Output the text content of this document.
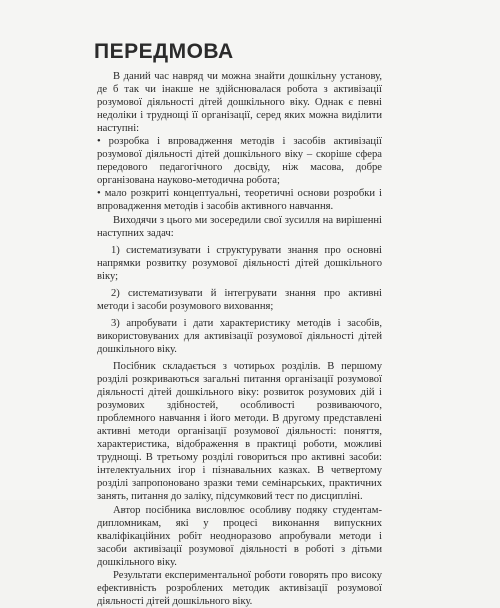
ПЕРЕДМОВА

В даний час навряд чи можна знайти дошкільну установу, де б так чи інакше не здійснювалася робота з активізації розумової діяльності дітей дошкільного віку. Однак є певні недоліки і труднощі її організації, серед яких можна виділити наступні:

• розробка і впровадження методів і засобів активізації розумової діяльності дітей дошкільного віку – скоріше сфера передового педагогічного досвіду, ніж масова, добре організована науково-методична робота;

• мало розкриті концептуальні, теоретичні основи розробки і впровадження методів і засобів активного навчання.

Виходячи з цього ми зосередили свої зусилля на вирішенні наступних задач:

1) систематизувати і структурувати знання про основні напрямки розвитку розумової діяльності дітей дошкільного віку;

2) систематизувати й інтегрувати знання про активні методи і засоби розумового виховання;

3) апробувати і дати характеристику методів і засобів, використовуваних для активізації розумової діяльності дітей дошкільного віку.

Посібник складається з чотирьох розділів. В першому розділі розкриваються загальні питання організації розумової діяльності дітей дошкільного віку: розвиток розумових дій і розумових здібностей, особливості розвиваючого, проблемного навчання і його методи. В другому представлені активні методи організації розумової діяльності: поняття, характеристика, відображення в практиці роботи, можливі труднощі. В третьому розділі говориться про активні засоби: інтелектуальних ігор і пізнавальних казках. В четвертому розділі запропоновано зразки теми семінарських, практичних занять, питання до заліку, підсумковий тест по дисципліні.

Автор посібника висловлює особливу подяку студентам-дипломникам, які у процесі виконання випускних кваліфікаційних робіт неодноразово апробували методи і засоби активізації розумової діяльності в роботі з дітьми дошкільного віку.

Результати експериментальної роботи говорять про високу ефективність розроблених методик активізації розумової діяльності дітей дошкільного віку.
